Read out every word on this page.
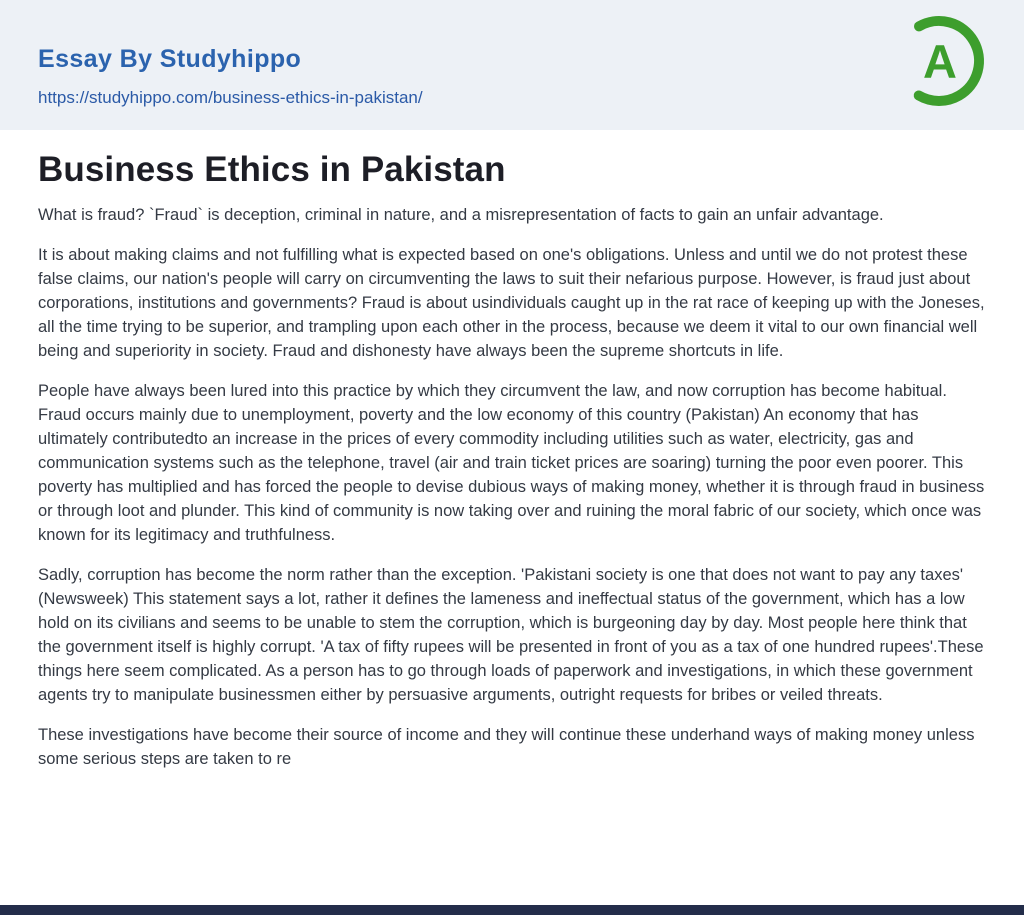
Essay By Studyhippo
https://studyhippo.com/business-ethics-in-pakistan/
A
Business Ethics in Pakistan

What is fraud? `Fraud` is deception, criminal in nature, and a misrepresentation of facts to gain an unfair advantage.

It is about making claims and not fulfilling what is expected based on one's obligations. Unless and until we do not protest these false claims, our nation's people will carry on circumventing the laws to suit their nefarious purpose. However, is fraud just about corporations, institutions and governments? Fraud is about usindividuals caught up in the rat race of keeping up with the Joneses, all the time trying to be superior, and trampling upon each other in the process, because we deem it vital to our own financial well being and superiority in society. Fraud and dishonesty have always been the supreme shortcuts in life.

People have always been lured into this practice by which they circumvent the law, and now corruption has become habitual. Fraud occurs mainly due to unemployment, poverty and the low economy of this country (Pakistan) An economy that has ultimately contributedto an increase in the prices of every commodity including utilities such as water, electricity, gas and communication systems such as the telephone, travel (air and train ticket prices are soaring) turning the poor even poorer. This poverty has multiplied and has forced the people to devise dubious ways of making money, whether it is through fraud in business or through loot and plunder. This kind of community is now taking over and ruining the moral fabric of our society, which once was known for its legitimacy and truthfulness.

Sadly, corruption has become the norm rather than the exception. 'Pakistani society is one that does not want to pay any taxes' (Newsweek) This statement says a lot, rather it defines the lameness and ineffectual status of the government, which has a low hold on its civilians and seems to be unable to stem the corruption, which is burgeoning day by day. Most people here think that the government itself is highly corrupt. 'A tax of fifty rupees will be presented in front of you as a tax of one hundred rupees'.These things here seem complicated. As a person has to go through loads of paperwork and investigations, in which these government agents try to manipulate businessmen either by persuasive arguments, outright requests for bribes or veiled threats.

These investigations have become their source of income and they will continue these underhand ways of making money unless some serious steps are taken to re
